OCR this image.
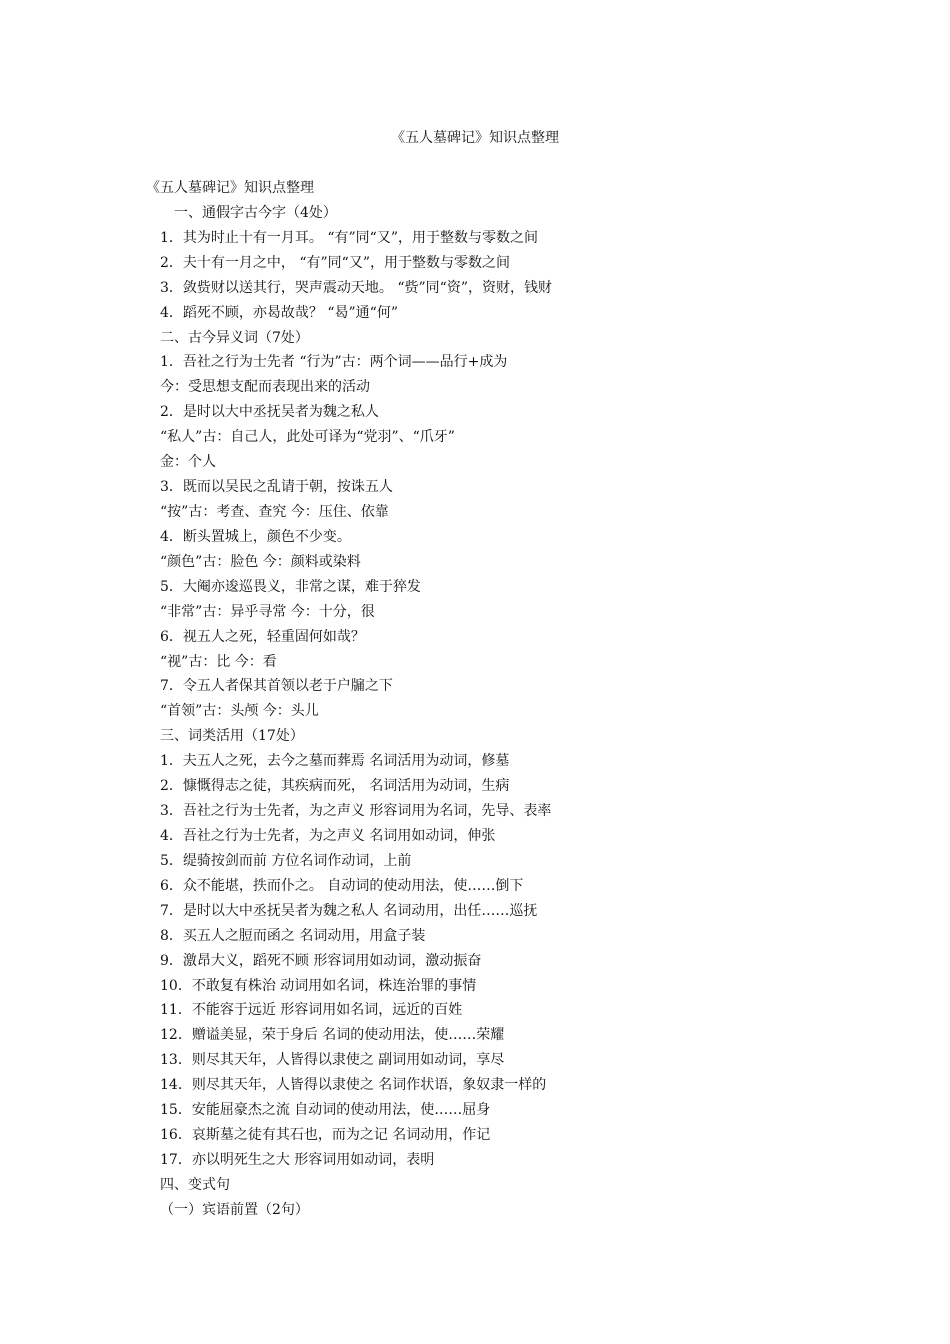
《五人墓碑记》知识点整理
《五人墓碑记》知识点整理
一、通假字古今字（4处）
1．其为时止十有一月耳。 “有”同“又”，用于整数与零数之间
2．夫十有一月之中， “有”同“又”，用于整数与零数之间
3．敛赀财以送其行，哭声震动天地。 “赀”同“资”，资财，钱财
4．蹈死不顾，亦曷故哉？ “曷”通“何”
二、古今异义词（7处）
1．吾社之行为士先者 “行为”古：两个词——品行+成为
今：受思想支配而表现出来的活动
2．是时以大中丞抚吴者为魏之私人
“私人”古：自己人，此处可译为“党羽”、“爪牙”
金：个人
3．既而以吴民之乱请于朝，按诛五人
“按”古：考查、查究 今：压住、依靠
4．断头置城上，颜色不少变。
“颜色”古：脸色 今：颜料或染料
5．大阉亦逡巡畏义，非常之谋，难于猝发
“非常”古：异乎寻常 今：十分，很
6．视五人之死，轻重固何如哉？
“视”古：比 今：看
7．令五人者保其首领以老于户牖之下
“首领”古：头颅 今：头儿
三、词类活用（17处）
1．夫五人之死，去今之墓而葬焉 名词活用为动词，修墓
2．慷慨得志之徒，其疾病而死， 名词活用为动词，生病
3．吾社之行为士先者，为之声义 形容词用为名词，先导、表率
4．吾社之行为士先者，为之声义 名词用如动词，伸张
5．缇骑按剑而前 方位名词作动词，上前
6．众不能堪，抶而仆之。 自动词的使动用法，使……倒下
7．是时以大中丞抚吴者为魏之私人 名词动用，出任……巡抚
8．买五人之脰而函之 名词动用，用盒子装
9．激昂大义，蹈死不顾 形容词用如动词，激动振奋
10．不敢复有株治 动词用如名词，株连治罪的事情
11．不能容于远近 形容词用如名词，远近的百姓
12．赠谥美显，荣于身后 名词的使动用法，使……荣耀
13．则尽其天年，人皆得以隶使之 副词用如动词，享尽
14．则尽其天年，人皆得以隶使之 名词作状语，象奴隶一样的
15．安能屈豪杰之流 自动词的使动用法，使……屈身
16．哀斯墓之徒有其石也，而为之记 名词动用，作记
17．亦以明死生之大 形容词用如动词，表明
四、变式句
（一）宾语前置（2句）
